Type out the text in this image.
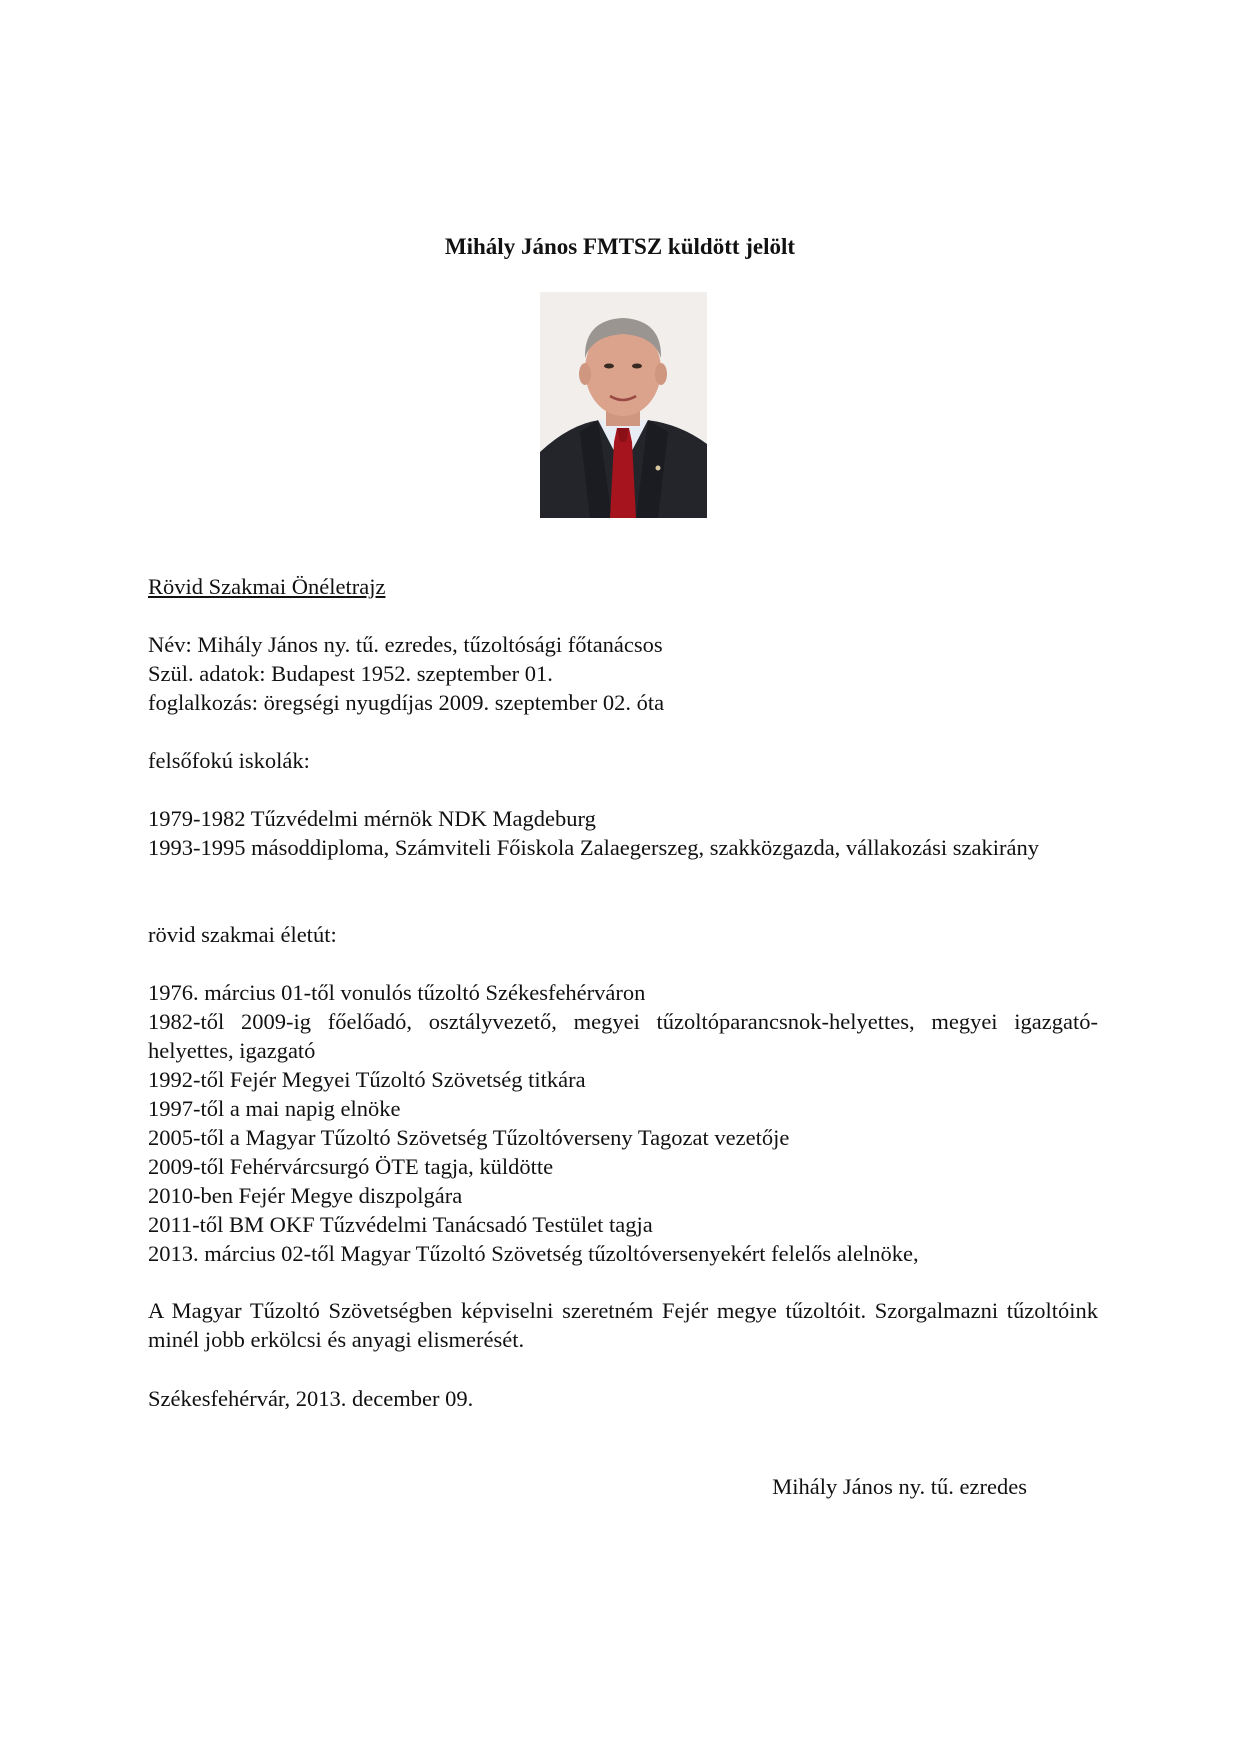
Mihály János FMTSZ küldött jelölt
Rövid Szakmai Önéletrajz
Név: Mihály János ny. tű. ezredes, tűzoltósági főtanácsos
Szül. adatok: Budapest 1952. szeptember 01.
foglalkozás: öregségi nyugdíjas 2009. szeptember 02. óta
felsőfokú iskolák:
1979-1982 Tűzvédelmi mérnök NDK Magdeburg
1993-1995 másoddiploma, Számviteli Főiskola Zalaegerszeg, szakközgazda, vállakozási szakirány
rövid szakmai életút:
1976. március 01-től vonulós tűzoltó Székesfehérváron
1982-től 2009-ig főelőadó, osztályvezető, megyei tűzoltóparancsnok-helyettes, megyei igazgató-helyettes, igazgató
1992-től Fejér Megyei Tűzoltó Szövetség titkára
1997-től a mai napig elnöke
2005-től a Magyar Tűzoltó Szövetség Tűzoltóverseny Tagozat vezetője
2009-től Fehérvárcsurgó ÖTE tagja, küldötte
2010-ben Fejér Megye diszpolgára
2011-től BM OKF Tűzvédelmi Tanácsadó Testület tagja
2013. március 02-től Magyar Tűzoltó Szövetség tűzoltóversenyekért felelős alelnöke,
A Magyar Tűzoltó Szövetségben képviselni szeretném Fejér megye tűzoltóit. Szorgalmazni tűzoltóink minél jobb erkölcsi és anyagi elismerését.
Székesfehérvár, 2013. december 09.
Mihály János ny. tű. ezredes
